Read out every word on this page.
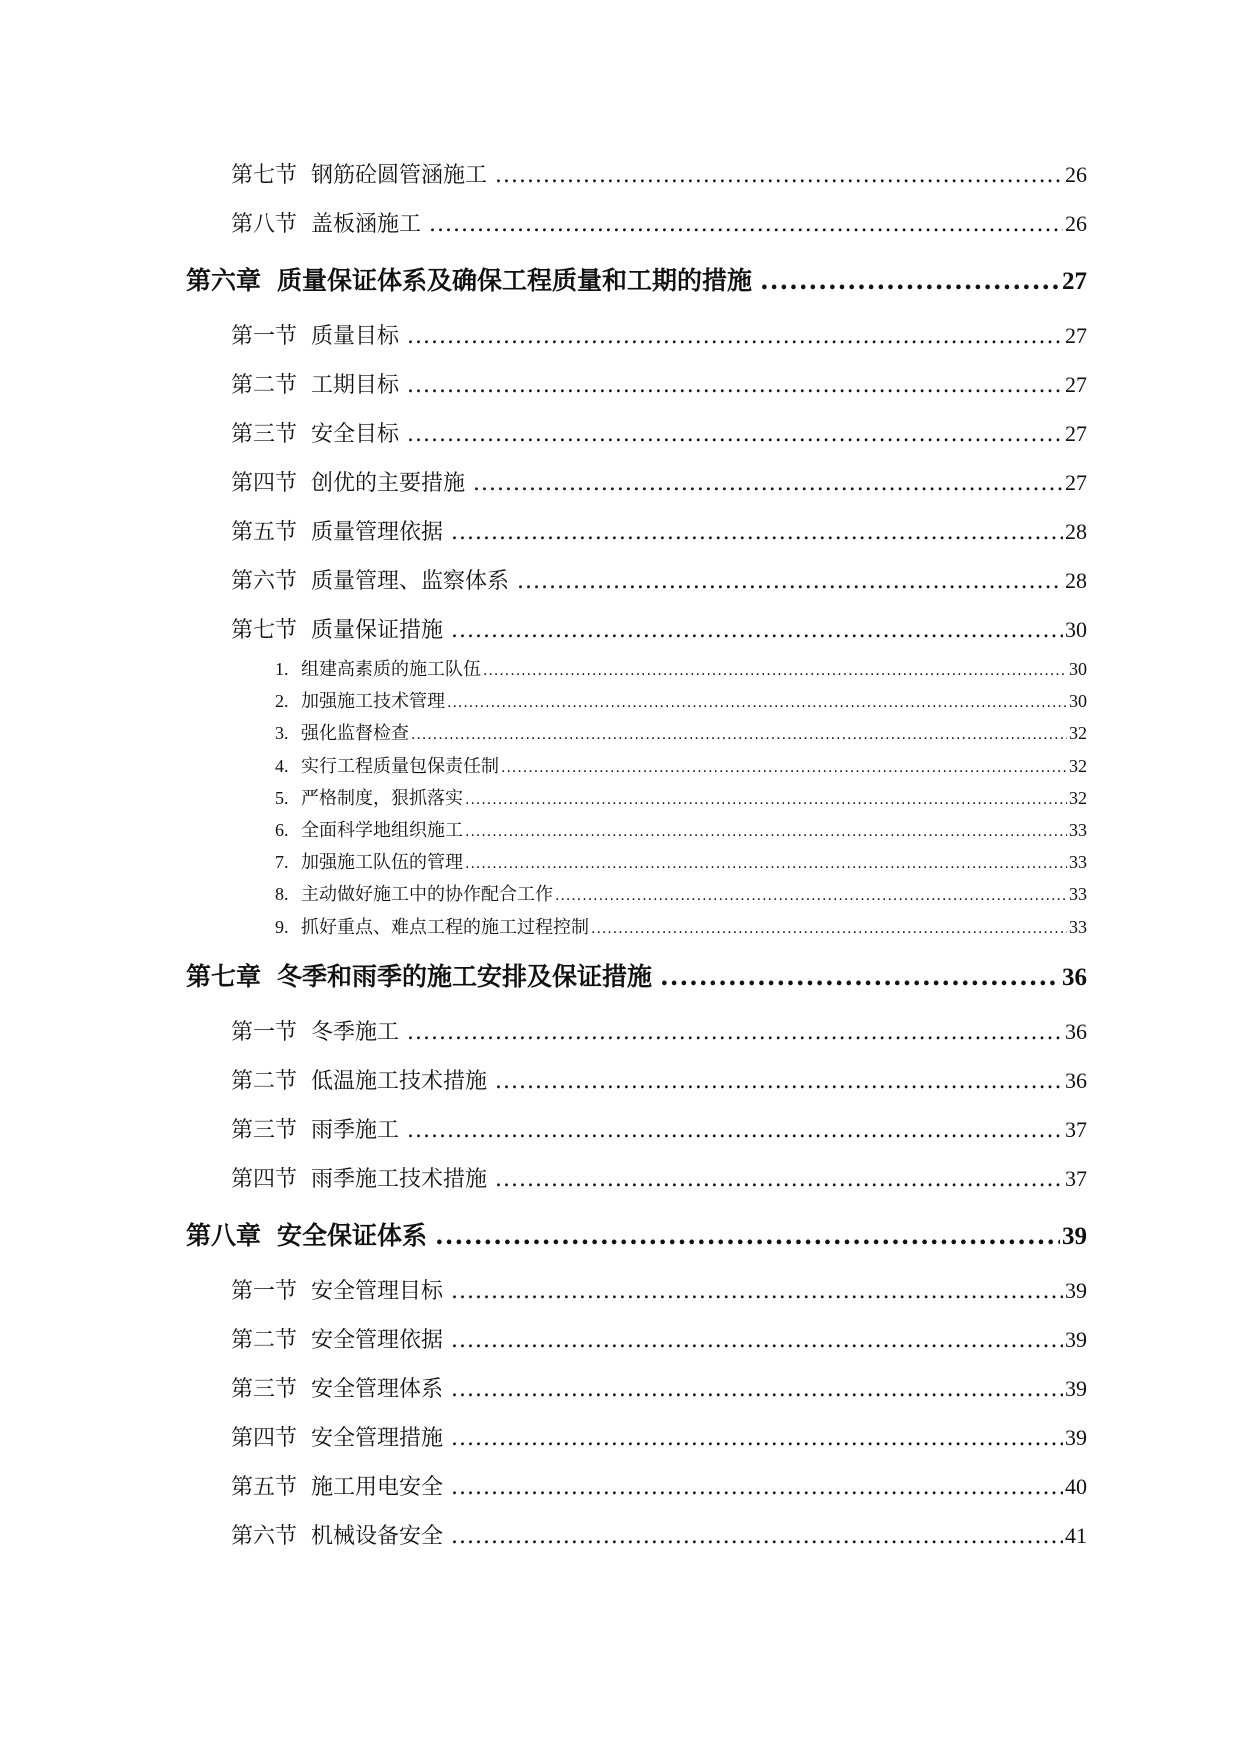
第七节 钢筋砼圆管涵施工 .....	26
第八节 盖板涵施工 .....	26
第六章 质量保证体系及确保工程质量和工期的措施 .....	27
第一节 质量目标 .....	27
第二节 工期目标 .....	27
第三节 安全目标 .....	27
第四节 创优的主要措施 .....	27
第五节 质量管理依据 .....	28
第六节 质量管理、监察体系 .....	28
第七节 质量保证措施 .....	30
1. 组建高素质的施工队伍 .....	30
2. 加强施工技术管理 .....	30
3. 强化监督检查 .....	32
4. 实行工程质量包保责任制 .....	32
5. 严格制度，狠抓落实 .....	32
6. 全面科学地组织施工 .....	33
7. 加强施工队伍的管理 .....	33
8. 主动做好施工中的协作配合工作 .....	33
9. 抓好重点、难点工程的施工过程控制 .....	33
第七章 冬季和雨季的施工安排及保证措施 .....	36
第一节 冬季施工 .....	36
第二节 低温施工技术措施 .....	36
第三节 雨季施工 .....	37
第四节 雨季施工技术措施 .....	37
第八章 安全保证体系 .....	39
第一节 安全管理目标 .....	39
第二节 安全管理依据 .....	39
第三节 安全管理体系 .....	39
第四节 安全管理措施 .....	39
第五节 施工用电安全 .....	40
第六节 机械设备安全 .....	41
